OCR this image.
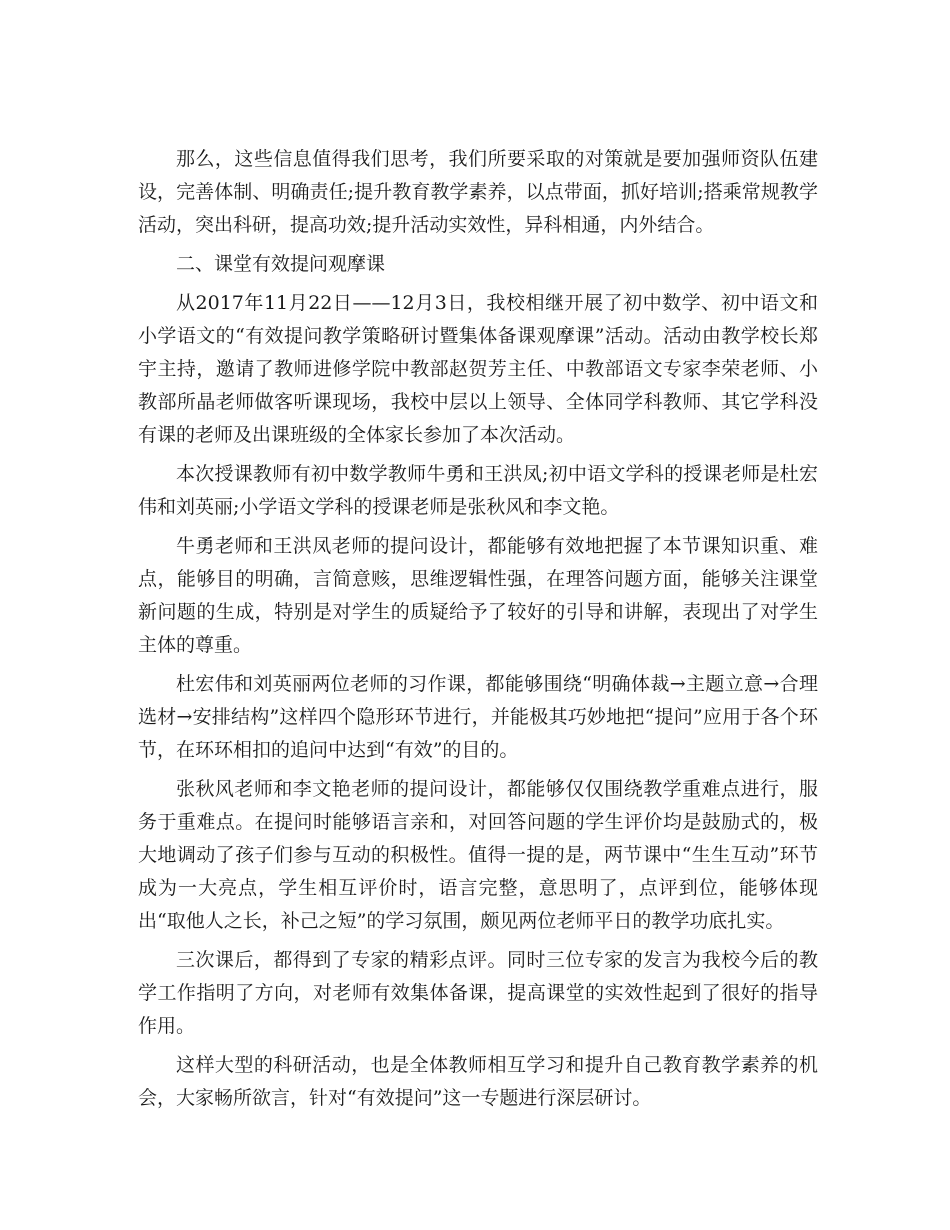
那么，这些信息值得我们思考，我们所要采取的对策就是要加强师资队伍建设，完善体制、明确责任;提升教育教学素养，以点带面，抓好培训;搭乘常规教学活动，突出科研，提高功效;提升活动实效性，异科相通，内外结合。

二、课堂有效提问观摩课

从2017年11月22日——12月3日，我校相继开展了初中数学、初中语文和小学语文的“有效提问教学策略研讨暨集体备课观摩课”活动。活动由教学校长郑宇主持，邀请了教师进修学院中教部赵贺芳主任、中教部语文专家李荣老师、小教部所晶老师做客听课现场，我校中层以上领导、全体同学科教师、其它学科没有课的老师及出课班级的全体家长参加了本次活动。

本次授课教师有初中数学教师牛勇和王洪凤;初中语文学科的授课老师是杜宏伟和刘英丽;小学语文学科的授课老师是张秋风和李文艳。

牛勇老师和王洪凤老师的提问设计，都能够有效地把握了本节课知识重、难点，能够目的明确，言简意赅，思维逻辑性强，在理答问题方面，能够关注课堂新问题的生成，特别是对学生的质疑给予了较好的引导和讲解，表现出了对学生主体的尊重。

杜宏伟和刘英丽两位老师的习作课，都能够围绕“明确体裁→主题立意→合理选材→安排结构”这样四个隐形环节进行，并能极其巧妙地把“提问”应用于各个环节，在环环相扣的追问中达到“有效”的目的。

张秋风老师和李文艳老师的提问设计，都能够仅仅围绕教学重难点进行，服务于重难点。在提问时能够语言亲和，对回答问题的学生评价均是鼓励式的，极大地调动了孩子们参与互动的积极性。值得一提的是，两节课中“生生互动”环节成为一大亮点，学生相互评价时，语言完整，意思明了，点评到位，能够体现出“取他人之长，补己之短”的学习氛围，颇见两位老师平日的教学功底扎实。

三次课后，都得到了专家的精彩点评。同时三位专家的发言为我校今后的教学工作指明了方向，对老师有效集体备课，提高课堂的实效性起到了很好的指导作用。

这样大型的科研活动，也是全体教师相互学习和提升自己教育教学素养的机会，大家畅所欲言，针对“有效提问”这一专题进行深层研讨。
